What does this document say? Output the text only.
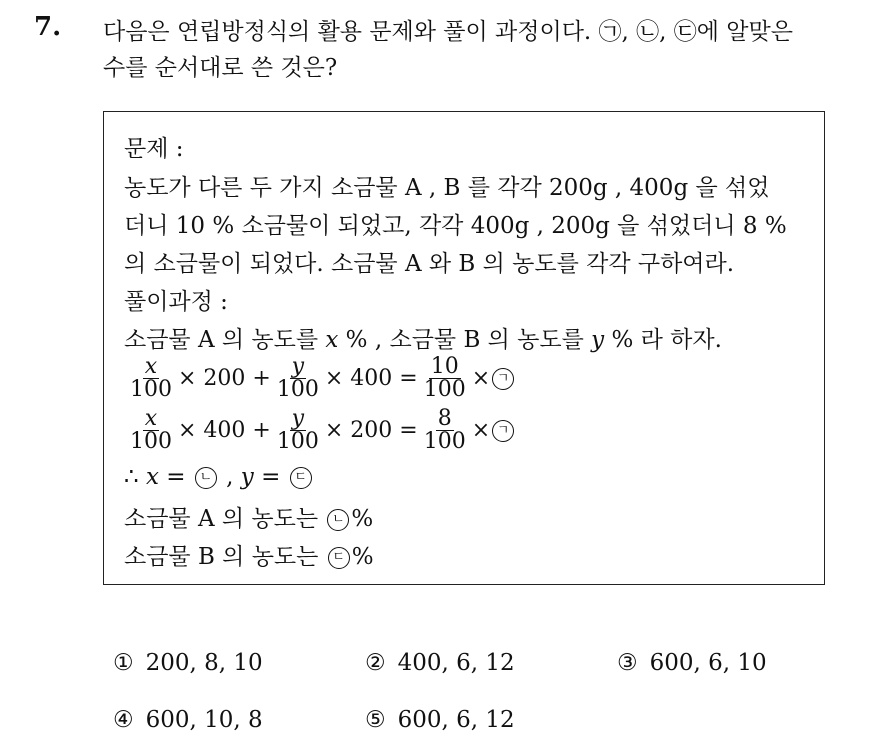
7. 다음은 연립방정식의 활용 문제와 풀이 과정이다. ㉠, ㉡, ㉢에 알맞은
수를 순서대로 쓴 것은?
문제 :
농도가 다른 두 가지 소금물 A , B 를 각각 200g , 400g 을 섞었
더니 10 % 소금물이 되었고, 각각 400g , 200g 을 섞었더니 8 %
의 소금물이 되었다. 소금물 A 와 B 의 농도를 각각 구하여라.
풀이과정 :
소금물 A 의 농도를 x % , 소금물 B 의 농도를 y % 라 하자.
$\frac{x}{100} \times 200 + \frac{y}{100} \times 400 = \frac{10}{100}$ × ㄱ
$\frac{x}{100} \times 400 + \frac{y}{100} \times 200 = \frac{8}{100}$ × ㄱ
∴ x = ㄴ , y = ㄷ
소금물 A 의 농도는 ㄴ %
소금물 B 의 농도는 ㄷ %
① 200, 8, 10	② 400, 6, 12	③ 600, 6, 10
④ 600, 10, 8	⑤ 600, 6, 12
